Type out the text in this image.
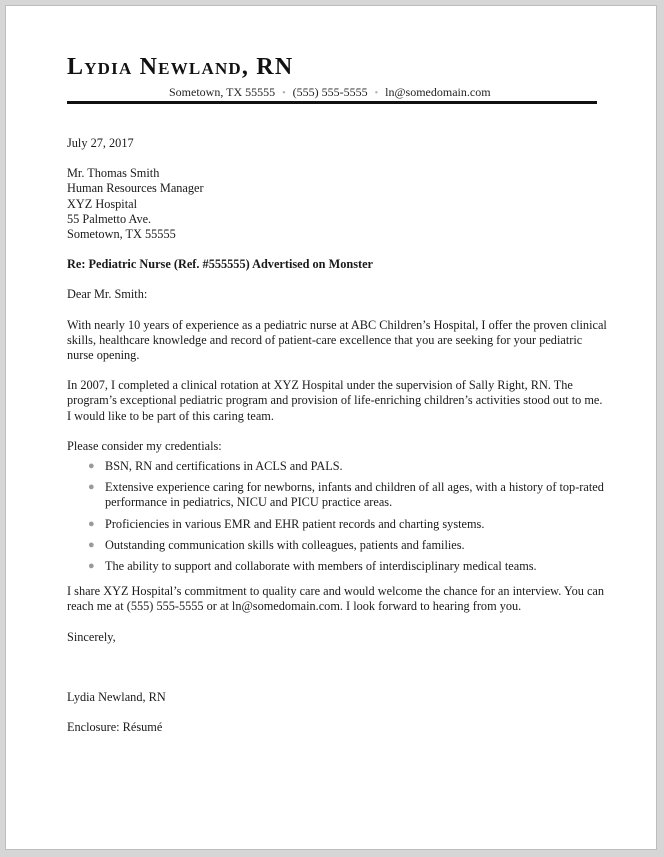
Lydia Newland, RN
Sometown, TX 55555 • (555) 555-5555 • ln@somedomain.com

July 27, 2017

Mr. Thomas Smith

Human Resources Manager

XYZ Hospital

55 Palmetto Ave.

Sometown, TX 55555

Re: Pediatric Nurse (Ref. #555555) Advertised on Monster

Dear Mr. Smith:

With nearly 10 years of experience as a pediatric nurse at ABC Children’s Hospital, I offer the proven clinical skills, healthcare knowledge and record of patient-care excellence that you are seeking for your pediatric nurse opening.

In 2007, I completed a clinical rotation at XYZ Hospital under the supervision of Sally Right, RN. The program’s exceptional pediatric program and provision of life-enriching children’s activities stood out to me. I would like to be part of this caring team.

Please consider my credentials:

● BSN, RN and certifications in ACLS and PALS.
● Extensive experience caring for newborns, infants and children of all ages, with a history of top-rated performance in pediatrics, NICU and PICU practice areas.
● Proficiencies in various EMR and EHR patient records and charting systems.
● Outstanding communication skills with colleagues, patients and families.
● The ability to support and collaborate with members of interdisciplinary medical teams.

I share XYZ Hospital’s commitment to quality care and would welcome the chance for an interview. You can reach me at (555) 555-5555 or at ln@somedomain.com. I look forward to hearing from you.

Sincerely,

Lydia Newland, RN

Enclosure: Résumé
